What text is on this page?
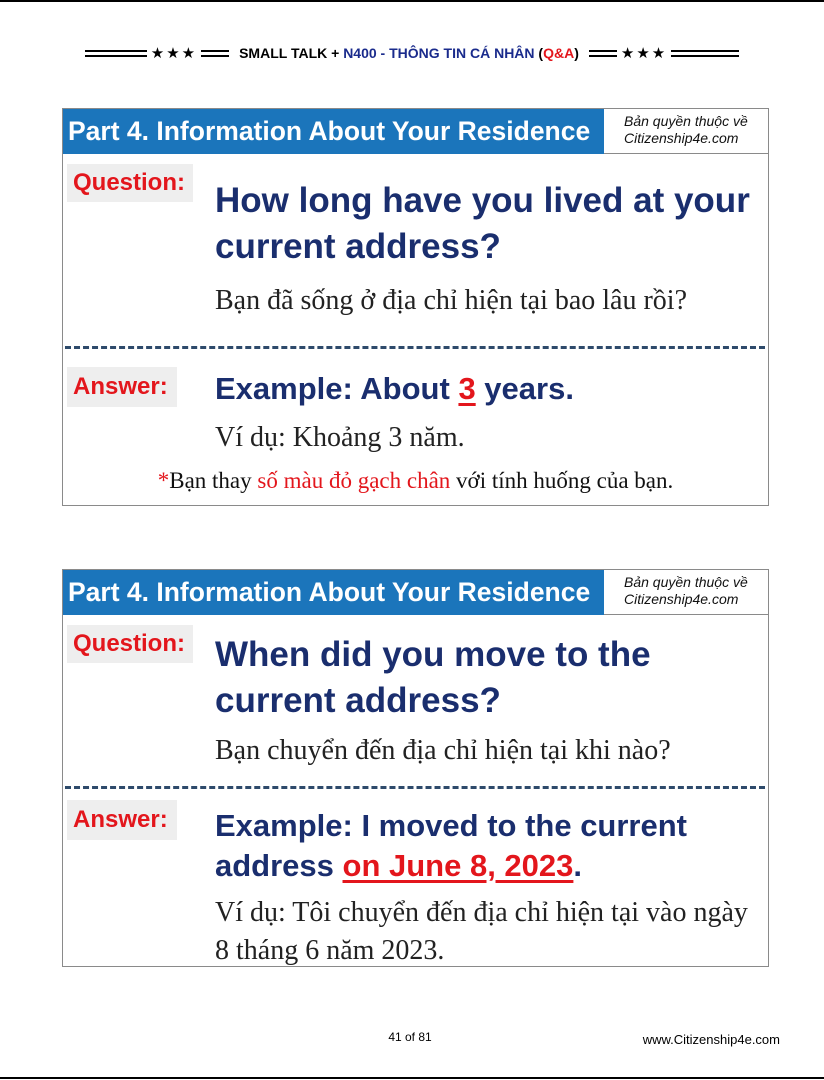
★★★	SMALL TALK + N400 - THÔNG TIN CÁ NHÂN (Q&A)	★★★
Part 4. Information About Your Residence	Bản quyền thuộc về
Citizenship4e.com
Question: How long have you lived at your current address?
Bạn đã sống ở địa chỉ hiện tại bao lâu rồi?
Answer:	Example: About 3 years.
Ví dụ: Khoảng 3 năm.
*Bạn thay số màu đỏ gạch chân với tính huống của bạn.
Part 4. Information About Your Residence	Bản quyền thuộc về
Citizenship4e.com
Question: When did you move to the current address?
Bạn chuyển đến địa chỉ hiện tại khi nào?
Answer:	Example: I moved to the current address on June 8, 2023.
Ví dụ: Tôi chuyển đến địa chỉ hiện tại vào ngày 8 tháng 6 năm 2023.
41 of 81	www.Citizenship4e.com
